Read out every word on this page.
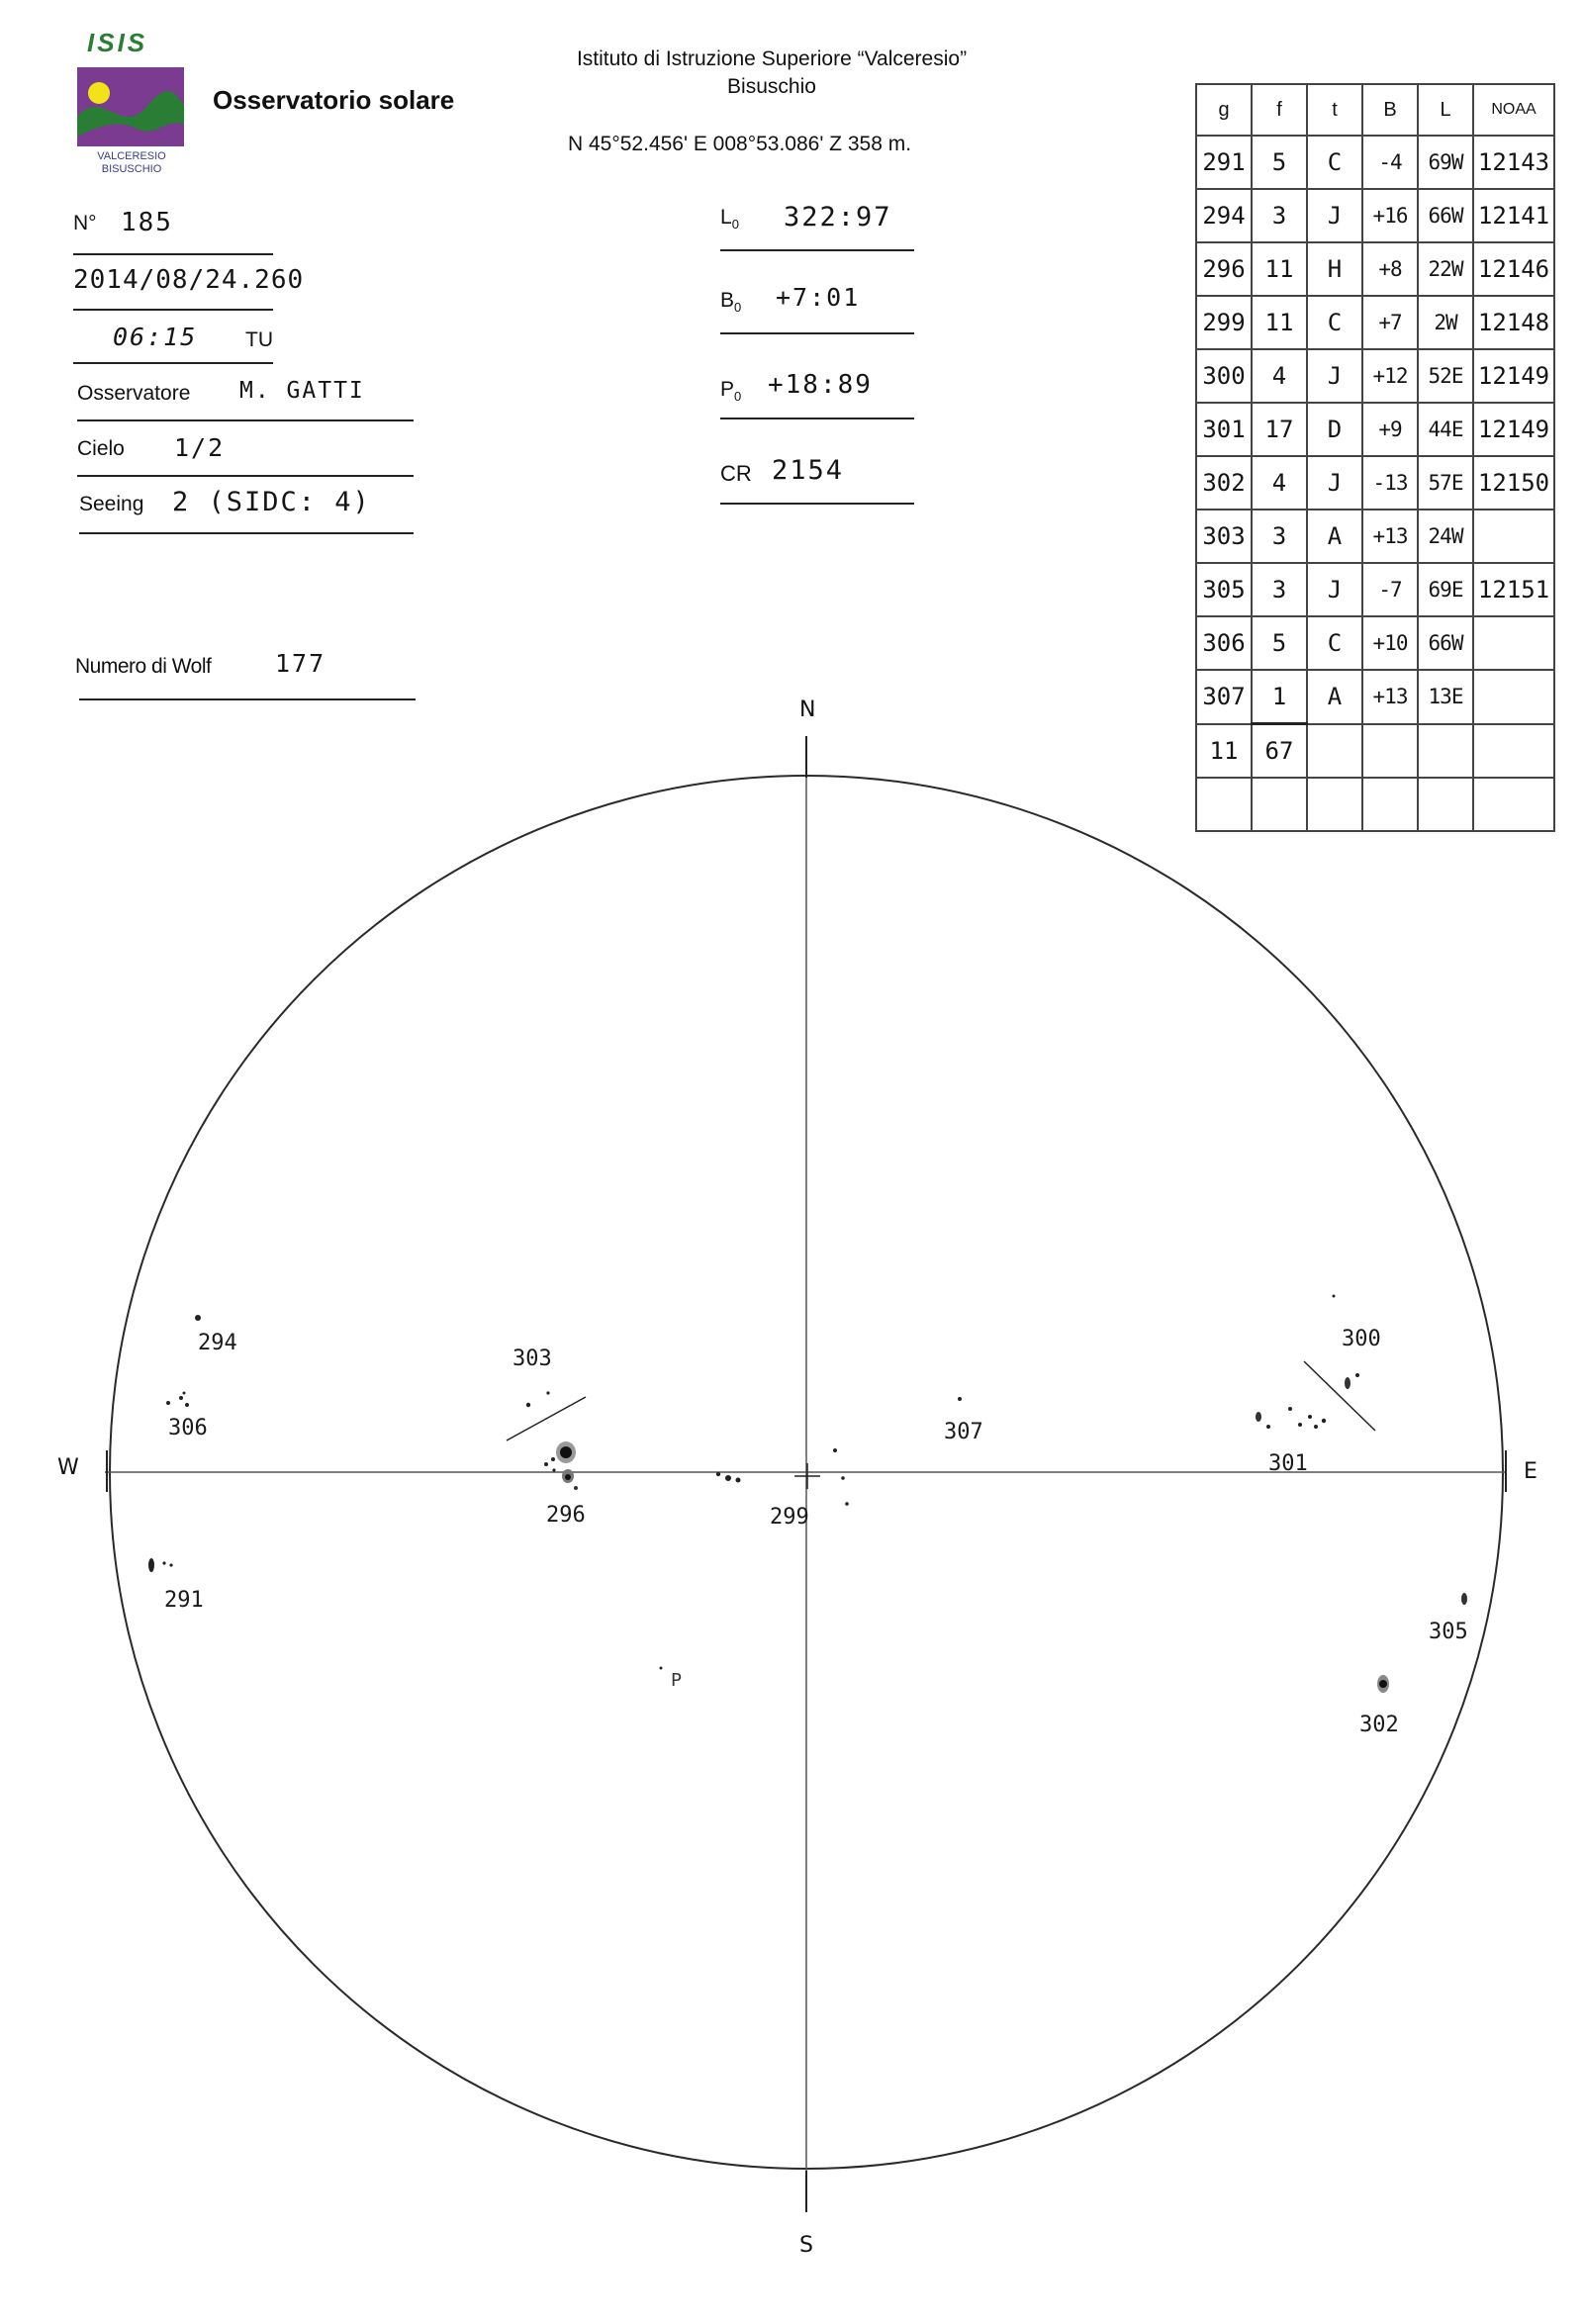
ISIS
VALCERESIO
BISUSCHIO
Osservatorio solare
Istituto di Istruzione Superiore “Valceresio”
Bisuschio
N 45°52.456' E 008°53.086' Z 358 m.
N° 185
2014/08/24.260
06:15 TU
Osservatore M. GATTI
Cielo 1/2
Seeing 2 (SIDC: 4)
Numero di Wolf	177
$L_0$ 322:97
$B_0$ +7:01
$P_0$ +18:89
CR 2154
g	f	t	B	L	NOAA
291	5	C	-4	69W	12143
294	3	J	+16	66W	12141
296	11	H	+8	22W	12146
299	11	C	+7	2W	12148
300	4	J	+12	52E	12149
301	17	D	+9	44E	12149
302	4	J	-13	57E	12150
303	3	A	+13	24W	
305	3	J	-7	69E	12151
306	5	C	+10	66W	
307	1	A	+13	13E	
11	67				

N
S
W	E
P
294
306
291
303
296	299
307
300
301
305
302
